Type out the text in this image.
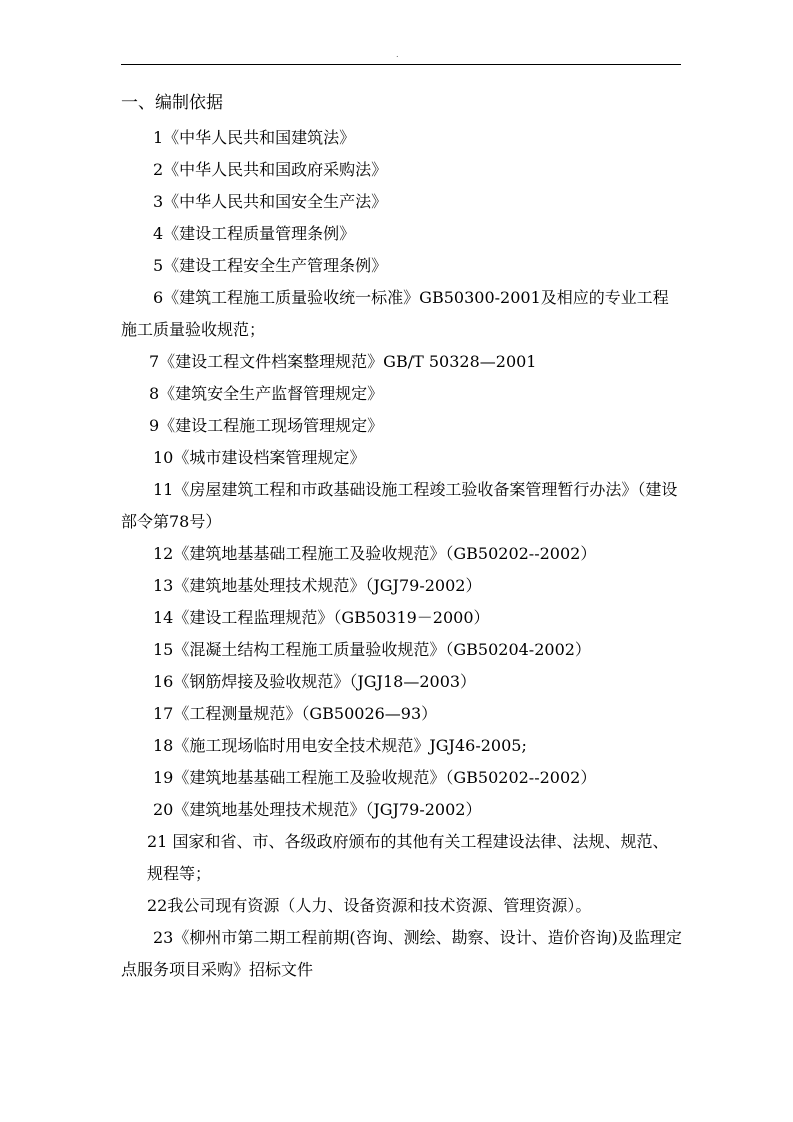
.
一、编制依据

1《中华人民共和国建筑法》

2《中华人民共和国政府采购法》

3《中华人民共和国安全生产法》

4《建设工程质量管理条例》

5《建设工程安全生产管理条例》

6《建筑工程施工质量验收统一标准》GB50300-2001及相应的专业工程施工质量验收规范；

7《建设工程文件档案整理规范》GB/T 50328—2001

8《建筑安全生产监督管理规定》

9《建设工程施工现场管理规定》

10《城市建设档案管理规定》

11《房屋建筑工程和市政基础设施工程竣工验收备案管理暂行办法》（建设部令第78号）

12《建筑地基基础工程施工及验收规范》（GB50202--2002）

13《建筑地基处理技术规范》（JGJ79-2002）

14《建设工程监理规范》（GB50319－2000）

15《混凝土结构工程施工质量验收规范》（GB50204-2002）

16《钢筋焊接及验收规范》（JGJ18—2003）

17《工程测量规范》（GB50026—93）

18《施工现场临时用电安全技术规范》JGJ46-2005;

19《建筑地基基础工程施工及验收规范》（GB50202--2002）

20《建筑地基处理技术规范》（JGJ79-2002）

21 国家和省、市、各级政府颁布的其他有关工程建设法律、法规、规范、规程等；

22我公司现有资源（人力、设备资源和技术资源、管理资源）。

23《柳州市第二期工程前期(咨询、测绘、勘察、设计、造价咨询)及监理定点服务项目采购》招标文件
